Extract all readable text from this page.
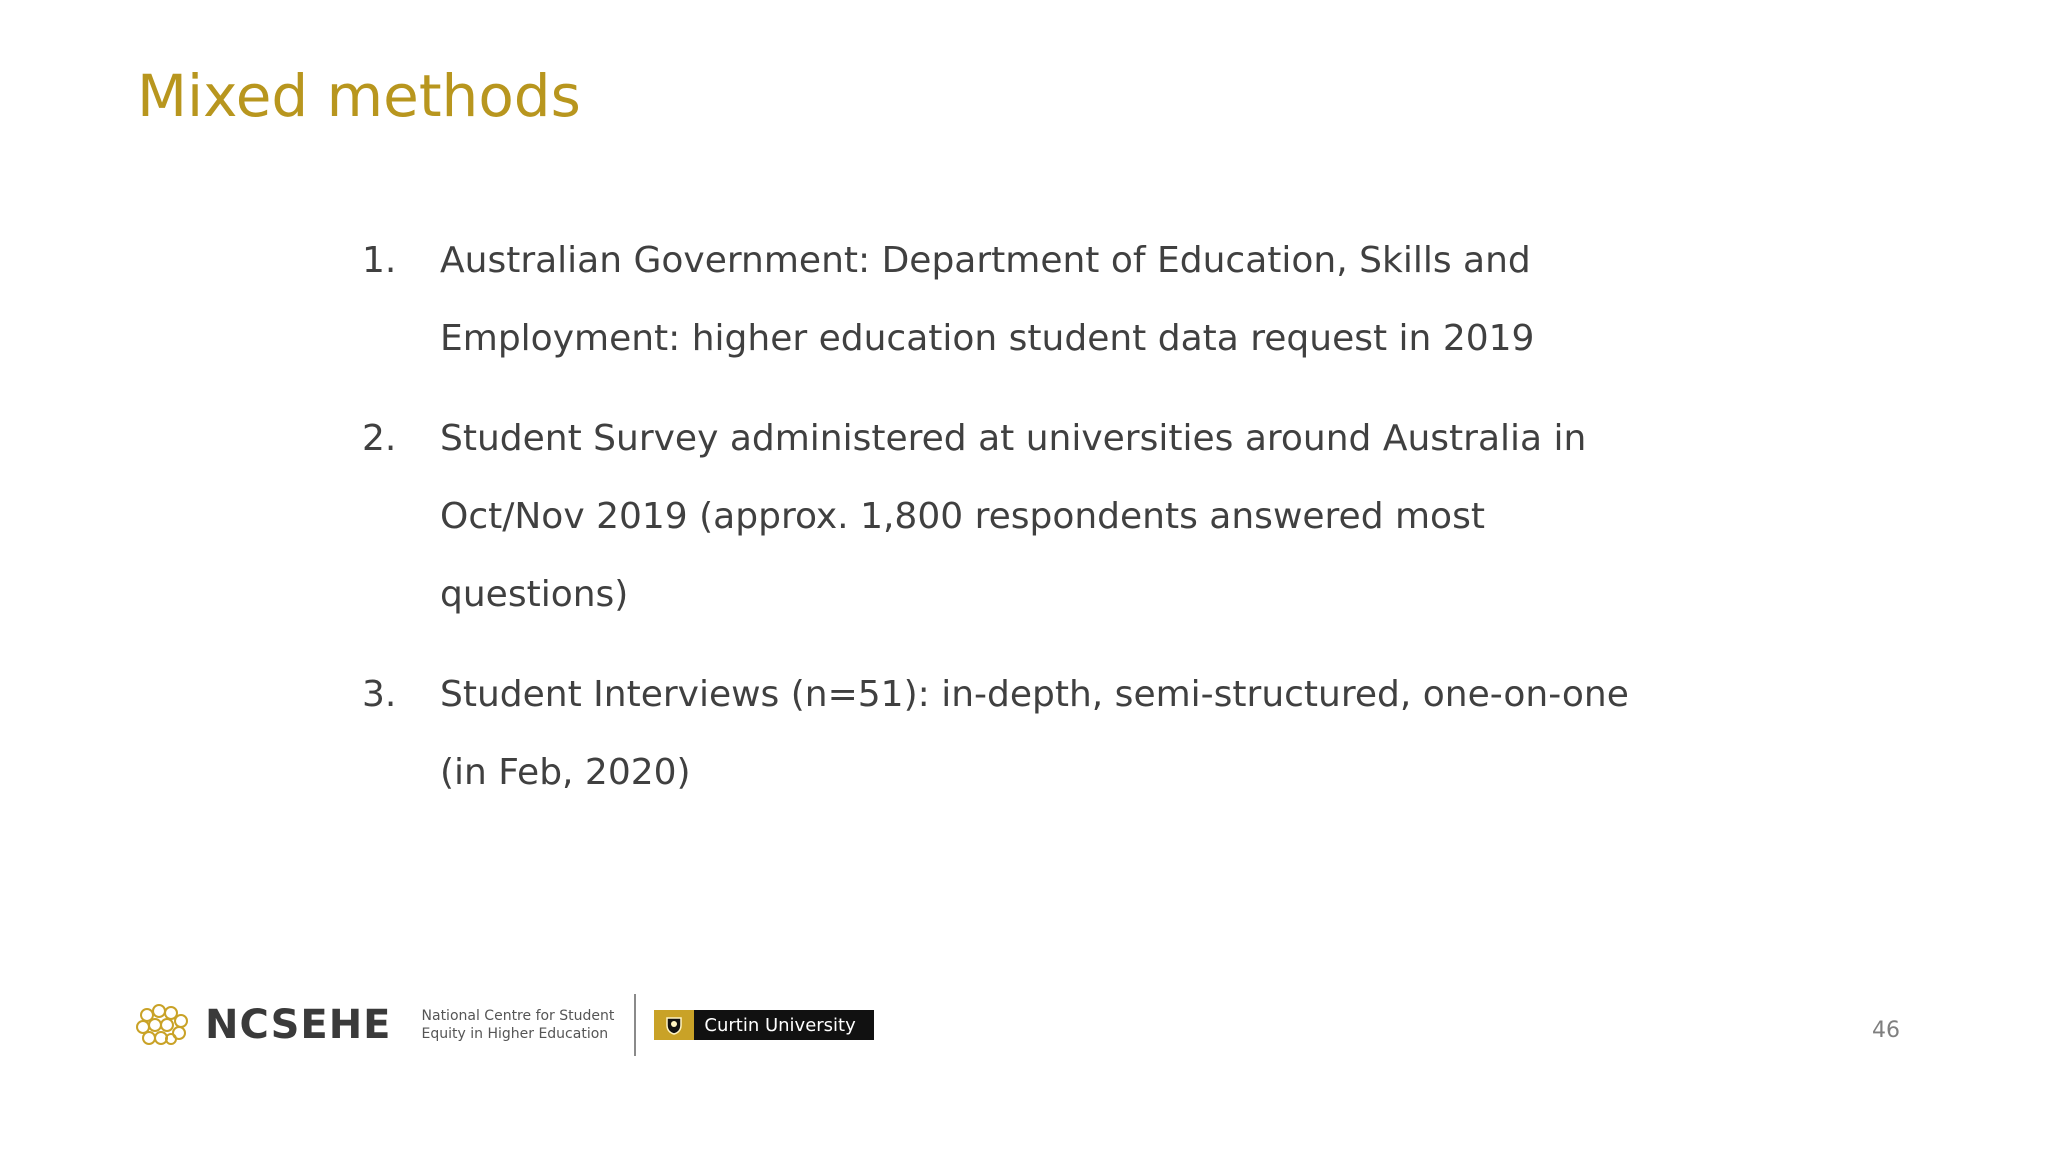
Mixed methods
1.	Australian Government: Department of Education, Skills and Employment: higher education student data request in 2019
2.	Student Survey administered at universities around Australia in Oct/Nov 2019 (approx. 1,800 respondents answered most questions)
3.	Student Interviews (n=51): in-depth, semi-structured, one-on-one (in Feb, 2020)
NCSEHE National Centre for Student
Equity in Higher Education	Curtin University	46
